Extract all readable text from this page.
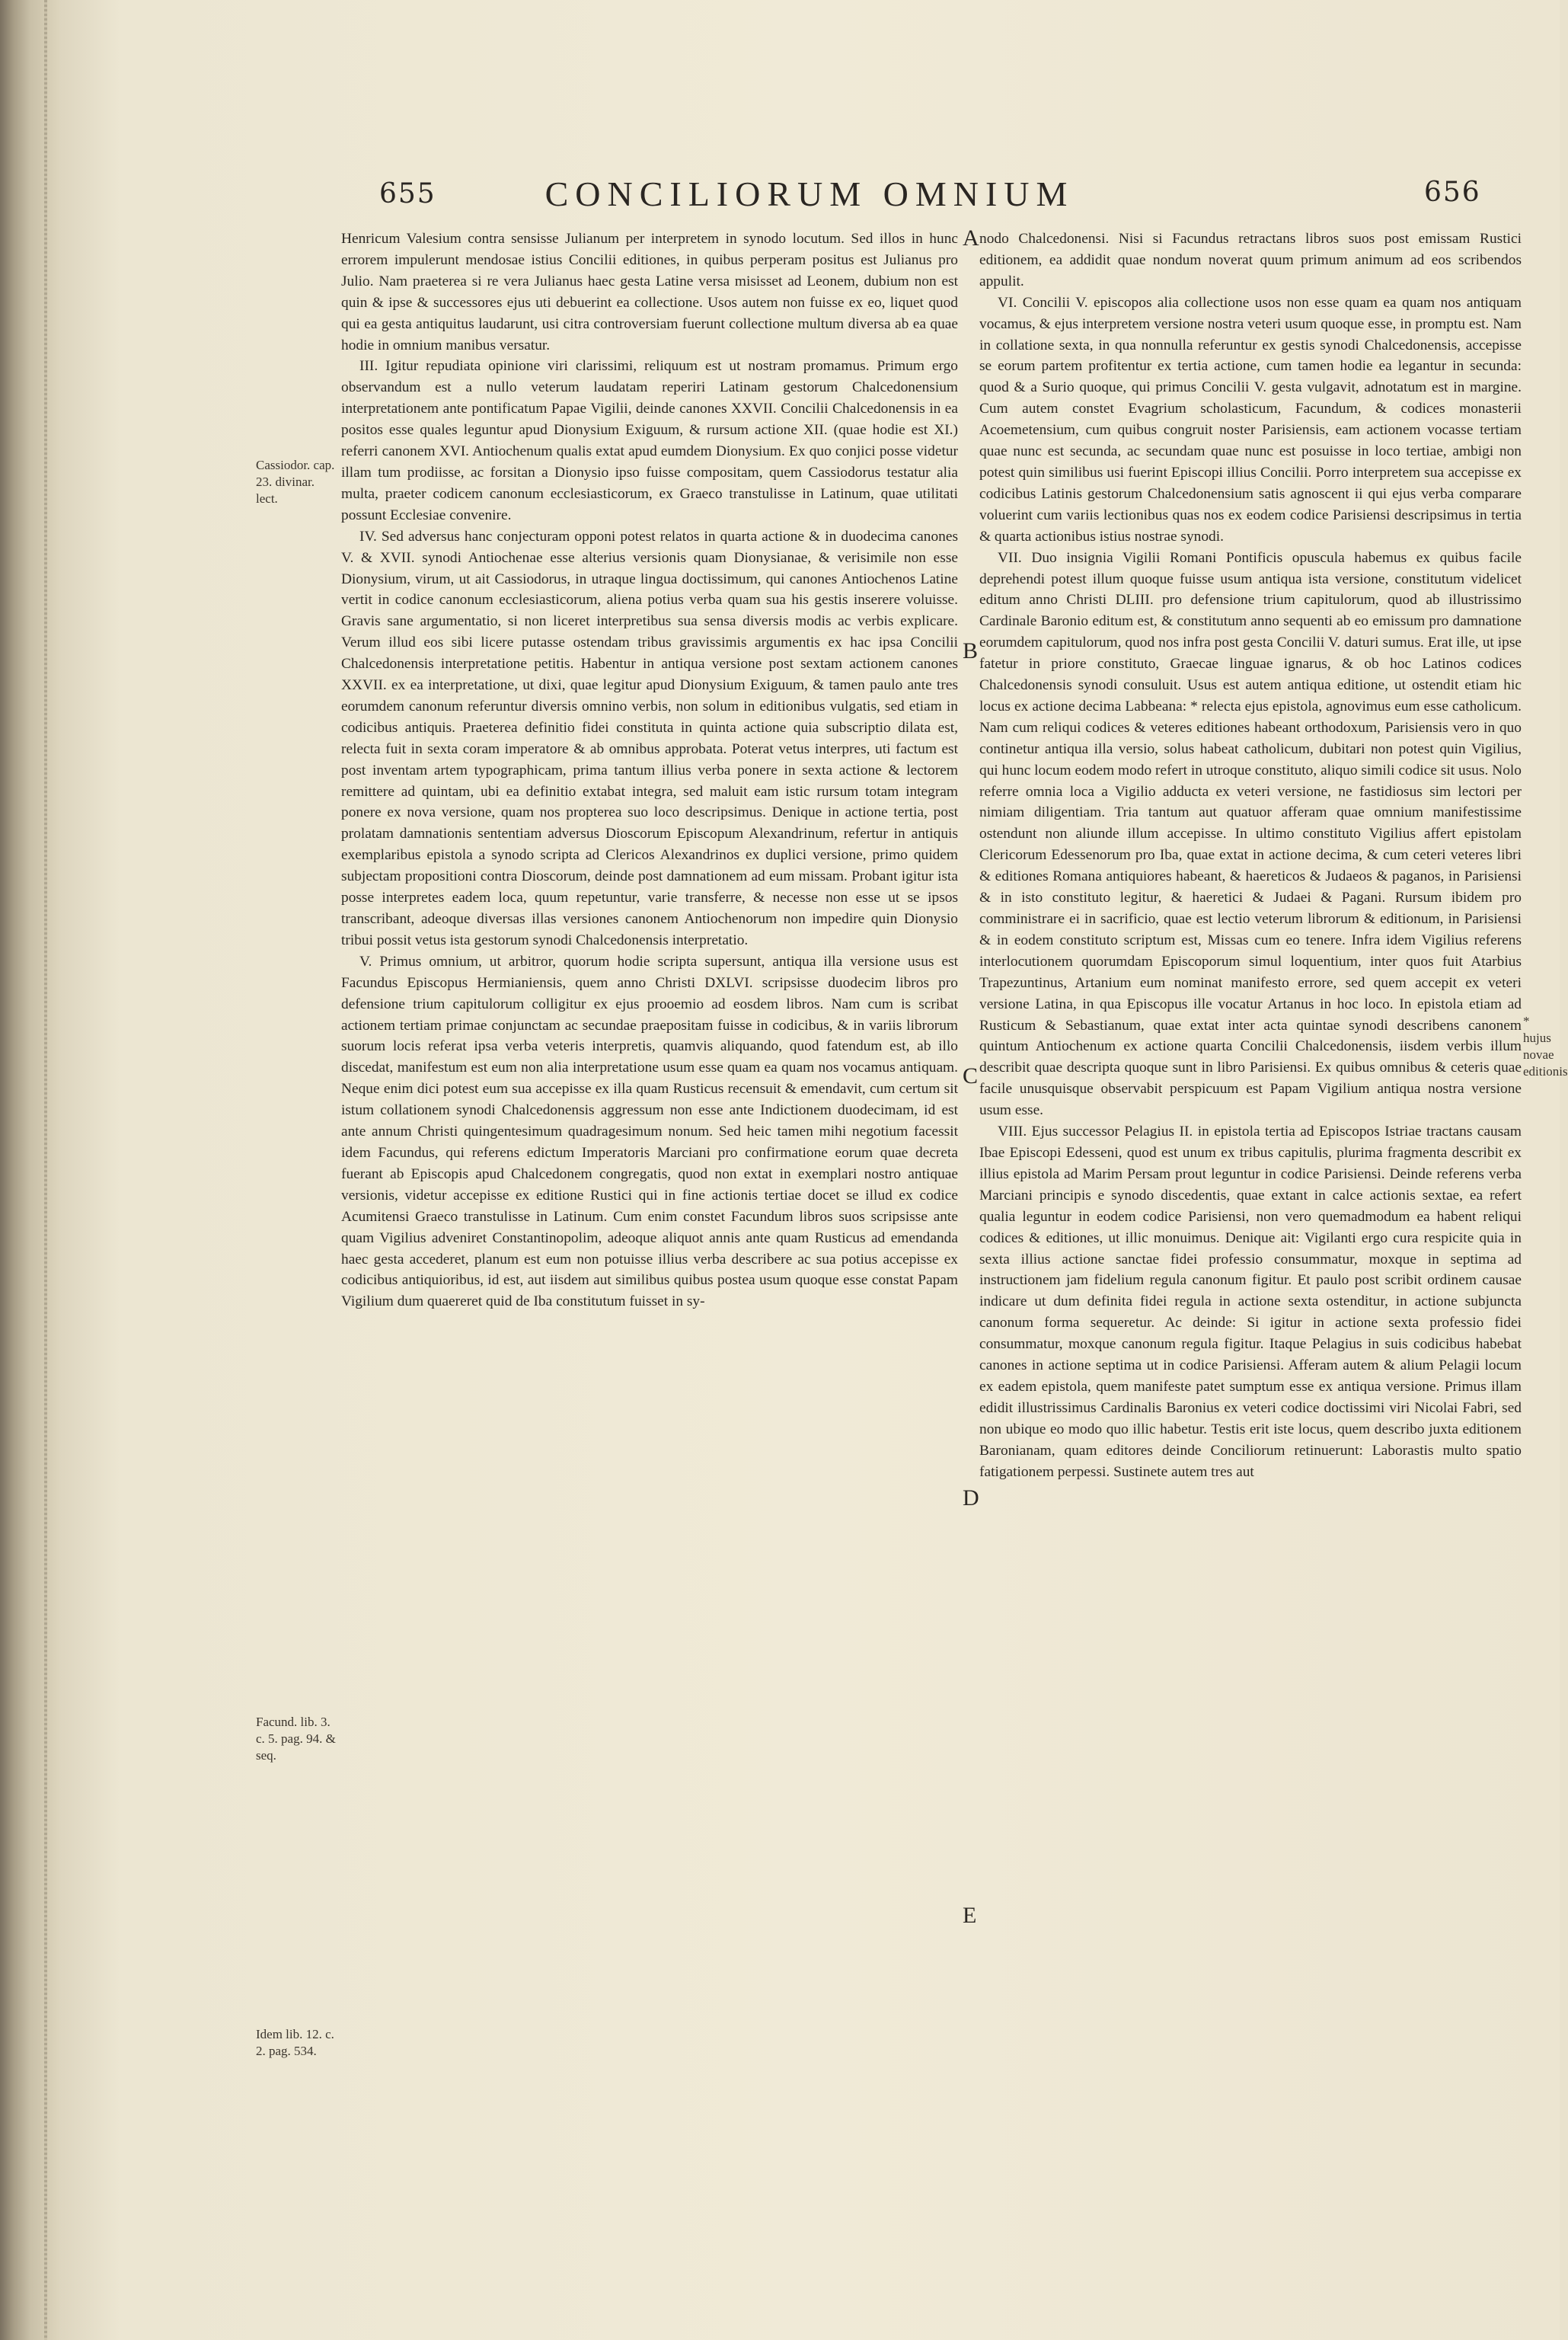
655	CONCILIORUM OMNIUM	656
Cassiodor. cap. 23. divinar. lect.
Facund. lib. 3. c. 5. pag. 94. & seq.
Idem lib. 12. c. 2. pag. 534.
* hujus novae editionis
A
B
C
D
E

Henricum Valesium contra sensisse Julianum per interpretem in synodo locutum. Sed illos in hunc errorem impulerunt mendosae istius Concilii editiones, in quibus perperam positus est Julianus pro Julio. Nam praeterea si re vera Julianus haec gesta Latine versa misisset ad Leonem, dubium non est quin & ipse & successores ejus uti debuerint ea collectione. Usos autem non fuisse ex eo, liquet quod qui ea gesta antiquitus laudarunt, usi citra controversiam fuerunt collectione multum diversa ab ea quae hodie in omnium manibus versatur.

III. Igitur repudiata opinione viri clarissimi, reliquum est ut nostram promamus. Primum ergo observandum est a nullo veterum laudatam reperiri Latinam gestorum Chalcedonensium interpretationem ante pontificatum Papae Vigilii, deinde canones XXVII. Concilii Chalcedonensis in ea positos esse quales leguntur apud Dionysium Exiguum, & rursum actione XII. (quae hodie est XI.) referri canonem XVI. Antiochenum qualis extat apud eumdem Dionysium. Ex quo conjici posse videtur illam tum prodiisse, ac forsitan a Dionysio ipso fuisse compositam, quem Cassiodorus testatur alia multa, praeter codicem canonum ecclesiasticorum, ex Graeco transtulisse in Latinum, quae utilitati possunt Ecclesiae convenire.

IV. Sed adversus hanc conjecturam opponi potest relatos in quarta actione & in duodecima canones V. & XVII. synodi Antiochenae esse alterius versionis quam Dionysianae, & verisimile non esse Dionysium, virum, ut ait Cassiodorus, in utraque lingua doctissimum, qui canones Antiochenos Latine vertit in codice canonum ecclesiasticorum, aliena potius verba quam sua his gestis inserere voluisse. Gravis sane argumentatio, si non liceret interpretibus sua sensa diversis modis ac verbis explicare. Verum illud eos sibi licere putasse ostendam tribus gravissimis argumentis ex hac ipsa Concilii Chalcedonensis interpretatione petitis. Habentur in antiqua versione post sextam actionem canones XXVII. ex ea interpretatione, ut dixi, quae legitur apud Dionysium Exiguum, & tamen paulo ante tres eorumdem canonum referuntur diversis omnino verbis, non solum in editionibus vulgatis, sed etiam in codicibus antiquis. Praeterea definitio fidei constituta in quinta actione quia subscriptio dilata est, relecta fuit in sexta coram imperatore & ab omnibus approbata. Poterat vetus interpres, uti factum est post inventam artem typographicam, prima tantum illius verba ponere in sexta actione & lectorem remittere ad quintam, ubi ea definitio extabat integra, sed maluit eam istic rursum totam integram ponere ex nova versione, quam nos propterea suo loco descripsimus. Denique in actione tertia, post prolatam damnationis sententiam adversus Dioscorum Episcopum Alexandrinum, refertur in antiquis exemplaribus epistola a synodo scripta ad Clericos Alexandrinos ex duplici versione, primo quidem subjectam propositioni contra Dioscorum, deinde post damnationem ad eum missam. Probant igitur ista posse interpretes eadem loca, quum repetuntur, varie transferre, & necesse non esse ut se ipsos transcribant, adeoque diversas illas versiones canonem Antiochenorum non impedire quin Dionysio tribui possit vetus ista gestorum synodi Chalcedonensis interpretatio.

V. Primus omnium, ut arbitror, quorum hodie scripta supersunt, antiqua illa versione usus est Facundus Episcopus Hermianiensis, quem anno Christi DXLVI. scripsisse duodecim libros pro defensione trium capitulorum colligitur ex ejus prooemio ad eosdem libros. Nam cum is scribat actionem tertiam primae conjunctam ac secundae praepositam fuisse in codicibus, & in variis librorum suorum locis referat ipsa verba veteris interpretis, quamvis aliquando, quod fatendum est, ab illo discedat, manifestum est eum non alia interpretatione usum esse quam ea quam nos vocamus antiquam. Neque enim dici potest eum sua accepisse ex illa quam Rusticus recensuit & emendavit, cum certum sit istum collationem synodi Chalcedonensis aggressum non esse ante Indictionem duodecimam, id est ante annum Christi quingentesimum quadragesimum nonum. Sed heic tamen mihi negotium facessit idem Facundus, qui referens edictum Imperatoris Marciani pro confirmatione eorum quae decreta fuerant ab Episcopis apud Chalcedonem congregatis, quod non extat in exemplari nostro antiquae versionis, videtur accepisse ex editione Rustici qui in fine actionis tertiae docet se illud ex codice Acumitensi Graeco transtulisse in Latinum. Cum enim constet Facundum libros suos scripsisse ante quam Vigilius adveniret Constantinopolim, adeoque aliquot annis ante quam Rusticus ad emendanda haec gesta accederet, planum est eum non potuisse illius verba describere ac sua potius accepisse ex codicibus antiquioribus, id est, aut iisdem aut similibus quibus postea usum quoque esse constat Papam Vigilium dum quaereret quid de Iba constitutum fuisset in sy-

nodo Chalcedonensi. Nisi si Facundus retractans libros suos post emissam Rustici editionem, ea addidit quae nondum noverat quum primum animum ad eos scribendos appulit.

VI. Concilii V. episcopos alia collectione usos non esse quam ea quam nos antiquam vocamus, & ejus interpretem versione nostra veteri usum quoque esse, in promptu est. Nam in collatione sexta, in qua nonnulla referuntur ex gestis synodi Chalcedonensis, accepisse se eorum partem profitentur ex tertia actione, cum tamen hodie ea legantur in secunda: quod & a Surio quoque, qui primus Concilii V. gesta vulgavit, adnotatum est in margine. Cum autem constet Evagrium scholasticum, Facundum, & codices monasterii Acoemetensium, cum quibus congruit noster Parisiensis, eam actionem vocasse tertiam quae nunc est secunda, ac secundam quae nunc est posuisse in loco tertiae, ambigi non potest quin similibus usi fuerint Episcopi illius Concilii. Porro interpretem sua accepisse ex codicibus Latinis gestorum Chalcedonensium satis agnoscent ii qui ejus verba comparare voluerint cum variis lectionibus quas nos ex eodem codice Parisiensi descripsimus in tertia & quarta actionibus istius nostrae synodi.

VII. Duo insignia Vigilii Romani Pontificis opuscula habemus ex quibus facile deprehendi potest illum quoque fuisse usum antiqua ista versione, constitutum videlicet editum anno Christi DLIII. pro defensione trium capitulorum, quod ab illustrissimo Cardinale Baronio editum est, & constitutum anno sequenti ab eo emissum pro damnatione eorumdem capitulorum, quod nos infra post gesta Concilii V. daturi sumus. Erat ille, ut ipse fatetur in priore constituto, Graecae linguae ignarus, & ob hoc Latinos codices Chalcedonensis synodi consuluit. Usus est autem antiqua editione, ut ostendit etiam hic locus ex actione decima Labbeana: * relecta ejus epistola, agnovimus eum esse catholicum. Nam cum reliqui codices & veteres editiones habeant orthodoxum, Parisiensis vero in quo continetur antiqua illa versio, solus habeat catholicum, dubitari non potest quin Vigilius, qui hunc locum eodem modo refert in utroque constituto, aliquo simili codice sit usus. Nolo referre omnia loca a Vigilio adducta ex veteri versione, ne fastidiosus sim lectori per nimiam diligentiam. Tria tantum aut quatuor afferam quae omnium manifestissime ostendunt non aliunde illum accepisse. In ultimo constituto Vigilius affert epistolam Clericorum Edessenorum pro Iba, quae extat in actione decima, & cum ceteri veteres libri & editiones Romana antiquiores habeant, & haereticos & Judaeos & paganos, in Parisiensi & in isto constituto legitur, & haeretici & Judaei & Pagani. Rursum ibidem pro comministrare ei in sacrificio, quae est lectio veterum librorum & editionum, in Parisiensi & in eodem constituto scriptum est, Missas cum eo tenere. Infra idem Vigilius referens interlocutionem quorumdam Episcoporum simul loquentium, inter quos fuit Atarbius Trapezuntinus, Artanium eum nominat manifesto errore, sed quem accepit ex veteri versione Latina, in qua Episcopus ille vocatur Artanus in hoc loco. In epistola etiam ad Rusticum & Sebastianum, quae extat inter acta quintae synodi describens canonem quintum Antiochenum ex actione quarta Concilii Chalcedonensis, iisdem verbis illum describit quae descripta quoque sunt in libro Parisiensi. Ex quibus omnibus & ceteris quae facile unusquisque observabit perspicuum est Papam Vigilium antiqua nostra versione usum esse.

VIII. Ejus successor Pelagius II. in epistola tertia ad Episcopos Istriae tractans causam Ibae Episcopi Edesseni, quod est unum ex tribus capitulis, plurima fragmenta describit ex illius epistola ad Marim Persam prout leguntur in codice Parisiensi. Deinde referens verba Marciani principis e synodo discedentis, quae extant in calce actionis sextae, ea refert qualia leguntur in eodem codice Parisiensi, non vero quemadmodum ea habent reliqui codices & editiones, ut illic monuimus. Denique ait: Vigilanti ergo cura respicite quia in sexta illius actione sanctae fidei professio consummatur, moxque in septima ad instructionem jam fidelium regula canonum figitur. Et paulo post scribit ordinem causae indicare ut dum definita fidei regula in actione sexta ostenditur, in actione subjuncta canonum forma sequeretur. Ac deinde: Si igitur in actione sexta professio fidei consummatur, moxque canonum regula figitur. Itaque Pelagius in suis codicibus habebat canones in actione septima ut in codice Parisiensi. Afferam autem & alium Pelagii locum ex eadem epistola, quem manifeste patet sumptum esse ex antiqua versione. Primus illam edidit illustrissimus Cardinalis Baronius ex veteri codice doctissimi viri Nicolai Fabri, sed non ubique eo modo quo illic habetur. Testis erit iste locus, quem describo juxta editionem Baronianam, quam editores deinde Conciliorum retinuerunt: Laborastis multo spatio fatigationem perpessi. Sustinete autem tres aut
